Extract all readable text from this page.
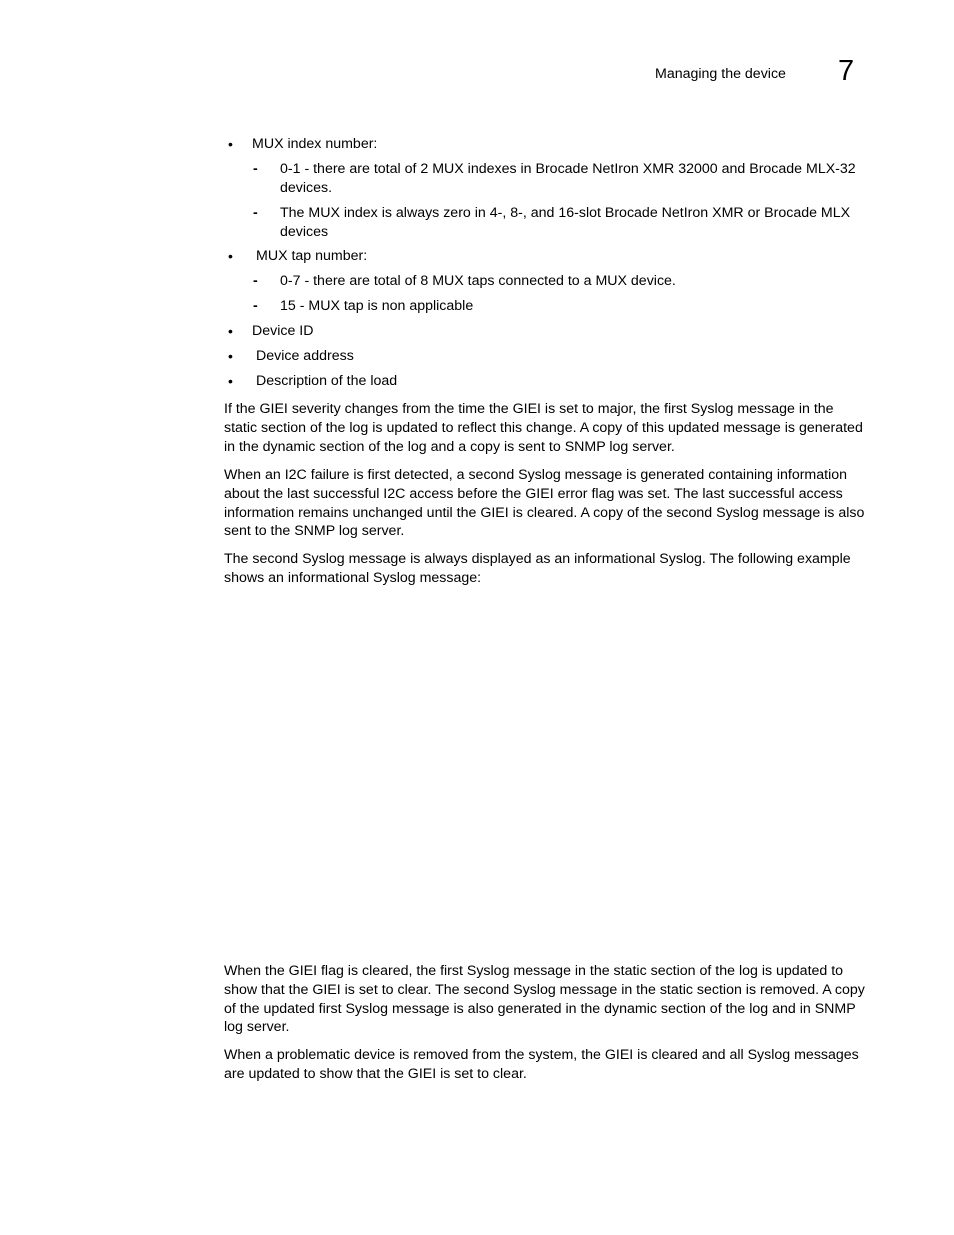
Managing the device 7
• MUX index number:
- 0-1 - there are total of 2 MUX indexes in Brocade NetIron XMR 32000 and Brocade MLX-32 devices.
- The MUX index is always zero in 4-, 8-, and 16-slot Brocade NetIron XMR or Brocade MLX devices
• MUX tap number:
- 0-7 - there are total of 8 MUX taps connected to a MUX device.
- 15 - MUX tap is non applicable
• Device ID
• Device address
• Description of the load
If the GIEI severity changes from the time the GIEI is set to major, the first Syslog message in the static section of the log is updated to reflect this change. A copy of this updated message is generated in the dynamic section of the log and a copy is sent to SNMP log server.
When an I2C failure is first detected, a second Syslog message is generated containing information about the last successful I2C access before the GIEI error flag was set. The last successful access information remains unchanged until the GIEI is cleared. A copy of the second Syslog message is also sent to the SNMP log server.
The second Syslog message is always displayed as an informational Syslog. The following example shows an informational Syslog message:
When the GIEI flag is cleared, the first Syslog message in the static section of the log is updated to show that the GIEI is set to clear. The second Syslog message in the static section is removed. A copy of the updated first Syslog message is also generated in the dynamic section of the log and in SNMP log server.
When a problematic device is removed from the system, the GIEI is cleared and all Syslog messages are updated to show that the GIEI is set to clear.
